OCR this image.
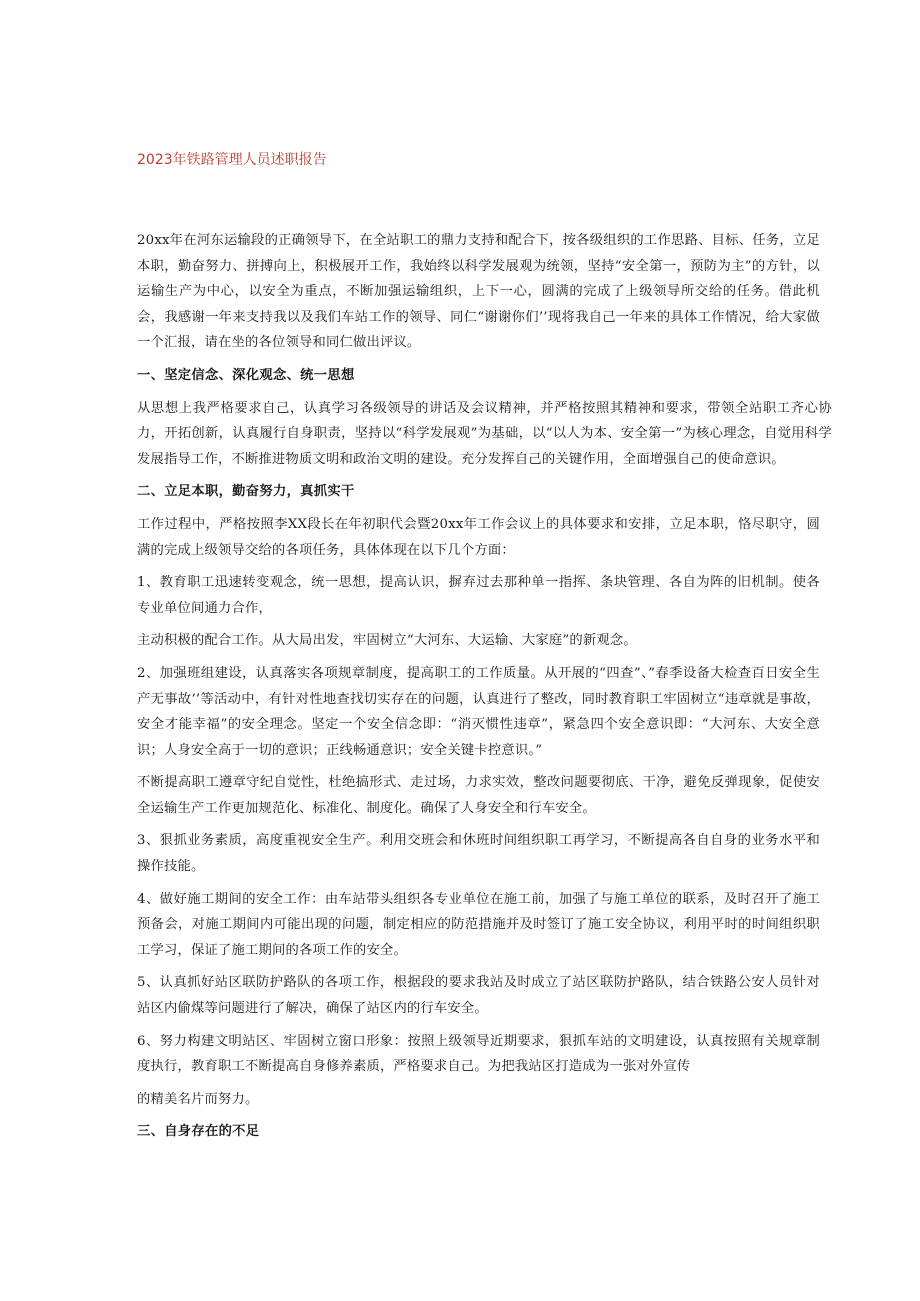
2023年铁路管理人员述职报告

20xx年在河东运输段的正确领导下，在全站职工的鼎力支持和配合下，按各级组织的工作思路、目标、任务，立足本职，勤奋努力、拼搏向上，积极展开工作，我始终以科学发展观为统领，坚持“安全第一，预防为主”的方针，以运输生产为中心，以安全为重点，不断加强运输组织，上下一心，圆满的完成了上级领导所交给的任务。借此机会，我感谢一年来支持我以及我们车站工作的领导、同仁“谢谢你们’’现将我自己一年来的具体工作情况，给大家做一个汇报，请在坐的各位领导和同仁做出评议。

一、坚定信念、深化观念、统一思想

从思想上我严格要求自己，认真学习各级领导的讲话及会议精神，并严格按照其精神和要求，带领全站职工齐心协力，开拓创新，认真履行自身职责，坚持以“科学发展观”为基础，以“以人为本、安全第一”为核心理念，自觉用科学发展指导工作，不断推进物质文明和政治文明的建设。充分发挥自己的关键作用，全面增强自己的使命意识。

二、立足本职，勤奋努力，真抓实干

工作过程中，严格按照李XX段长在年初职代会暨20xx年工作会议上的具体要求和安排，立足本职，恪尽职守，圆满的完成上级领导交给的各项任务，具体体现在以下几个方面：

1、教育职工迅速转变观念，统一思想，提高认识，摒弃过去那种单一指挥、条块管理、各自为阵的旧机制。使各专业单位间通力合作，

主动积极的配合工作。从大局出发，牢固树立“大河东、大运输、大家庭”的新观念。

2、加强班组建设，认真落实各项规章制度，提高职工的工作质量。从开展的“四查”、”春季设备大检查百日安全生产无事故’’等活动中，有针对性地查找切实存在的问题，认真进行了整改，同时教育职工牢固树立“违章就是事故，安全才能幸福”的安全理念。坚定一个安全信念即：“消灭惯性违章”，紧急四个安全意识即：“大河东、大安全意识；人身安全高于一切的意识；正线畅通意识；安全关键卡控意识。”

不断提高职工遵章守纪自觉性，杜绝搞形式、走过场，力求实效，整改问题要彻底、干净，避免反弹现象，促使安全运输生产工作更加规范化、标准化、制度化。确保了人身安全和行车安全。

3、狠抓业务素质，高度重视安全生产。利用交班会和休班时间组织职工再学习，不断提高各自自身的业务水平和操作技能。

4、做好施工期间的安全工作：由车站带头组织各专业单位在施工前，加强了与施工单位的联系，及时召开了施工预备会，对施工期间内可能出现的问题，制定相应的防范措施并及时签订了施工安全协议，利用平时的时间组织职工学习，保证了施工期间的各项工作的安全。

5、认真抓好站区联防护路队的各项工作，根据段的要求我站及时成立了站区联防护路队，结合铁路公安人员针对站区内偷煤等问题进行了解决，确保了站区内的行车安全。

6、努力构建文明站区、牢固树立窗口形象：按照上级领导近期要求，狠抓车站的文明建设，认真按照有关规章制度执行，教育职工不断提高自身修养素质，严格要求自己。为把我站区打造成为一张对外宣传

的精美名片而努力。

三、自身存在的不足
